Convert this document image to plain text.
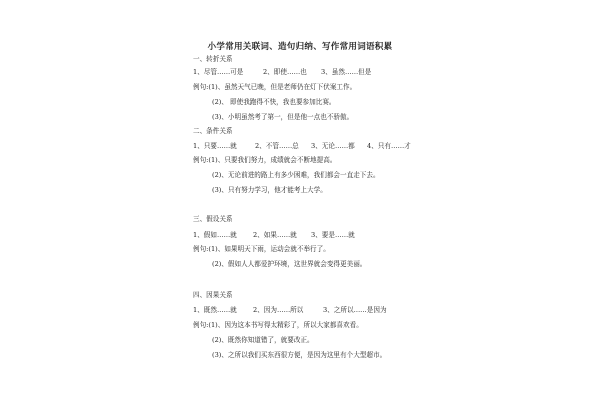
小学常用关联词、造句归纳、写作常用词语积累
一、转折关系
1、尽管……可是	2、即使……也 3、虽然……但是
例句:(1)、虽然天气已晚，但是老师仍在灯下伏案工作。
(2)、 即使我跑得不快，我也要参加比赛。
(3)、小明虽然考了第一，但是他一点也不骄傲。
二、条件关系
1、只要……就	2、不管……总 3、无论……都 4、只有……才
例句:(1)、只要我们努力，成绩就会不断地提高。
(2)、无论前进的路上有多少困难，我们都会一直走下去。
(3)、只有努力学习，他才能考上大学。
三、假设关系
1、假如……就 2、如果……就 3、要是……就
例句:(1)、如果明天下雨，运动会就不举行了。
(2)、假如人人都爱护环境，这世界就会变得更美丽。
四、因果关系
1、既然……就 2、因为……所以	3、之所以……是因为
例句:(1)、因为这本书写得太精彩了，所以大家都喜欢看。
(2)、既然你知道错了，就要改正。
(3)、之所以我们买东西很方便，是因为这里有个大型超市。
